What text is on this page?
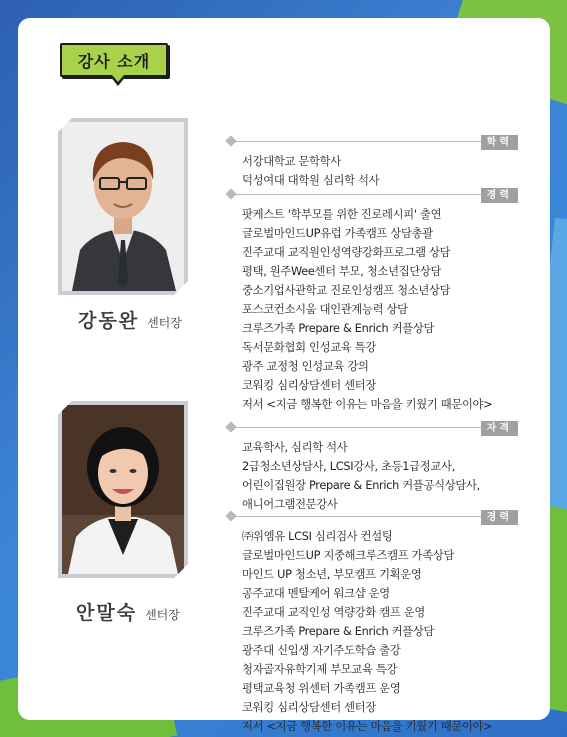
강사 소개
강동완 센터장
학력
서강대학교 문학학사
덕성여대 대학원 심리학 석사
경력
팟케스트 '학부모를 위한 진로레시피' 출연
글로벌마인드UP유럽 가족캠프 상담총괄
진주교대 교직원인성역량강화프로그램 상담
평택, 원주Wee센터 부모, 청소년집단상담
중소기업사관학교 진로인성캠프 청소년상담
포스코컨소시움 대인관계능력 상담
크루즈가족 Prepare & Enrich 커플상담
독서문화협회 인성교육 특강
광주 교정청 인성교육 강의
코워킹 심리상담센터 센터장
저서 <지금 행복한 이유는 마음을 키웠기 때문이야>
안말숙 센터장
자격
교육학사, 심리학 석사
2급청소년상담사, LCSI강사, 초등1급정교사,
어린이집원장 Prepare & Enrich 커플공식상담사,
애니어그램전문강사
경력
㈜위엠유 LCSI 심리검사 컨설팅
글로벌마인드UP 지중해크루즈캠프 가족상담
마인드 UP 청소년, 부모캠프 기획운영
공주교대 멘탈케어 워크샵 운영
진주교대 교직인성 역량강화 캠프 운영
크루즈가족 Prepare & Enrich 커플상담
광주대 신입생 자기주도학습 출강
청자골자유학기제 부모교육 특강
평택교육청 위센터 가족캠프 운영
코워킹 심리상담센터 센터장
저서 <지금 행복한 이유는 마음을 키웠기 때문이야>
